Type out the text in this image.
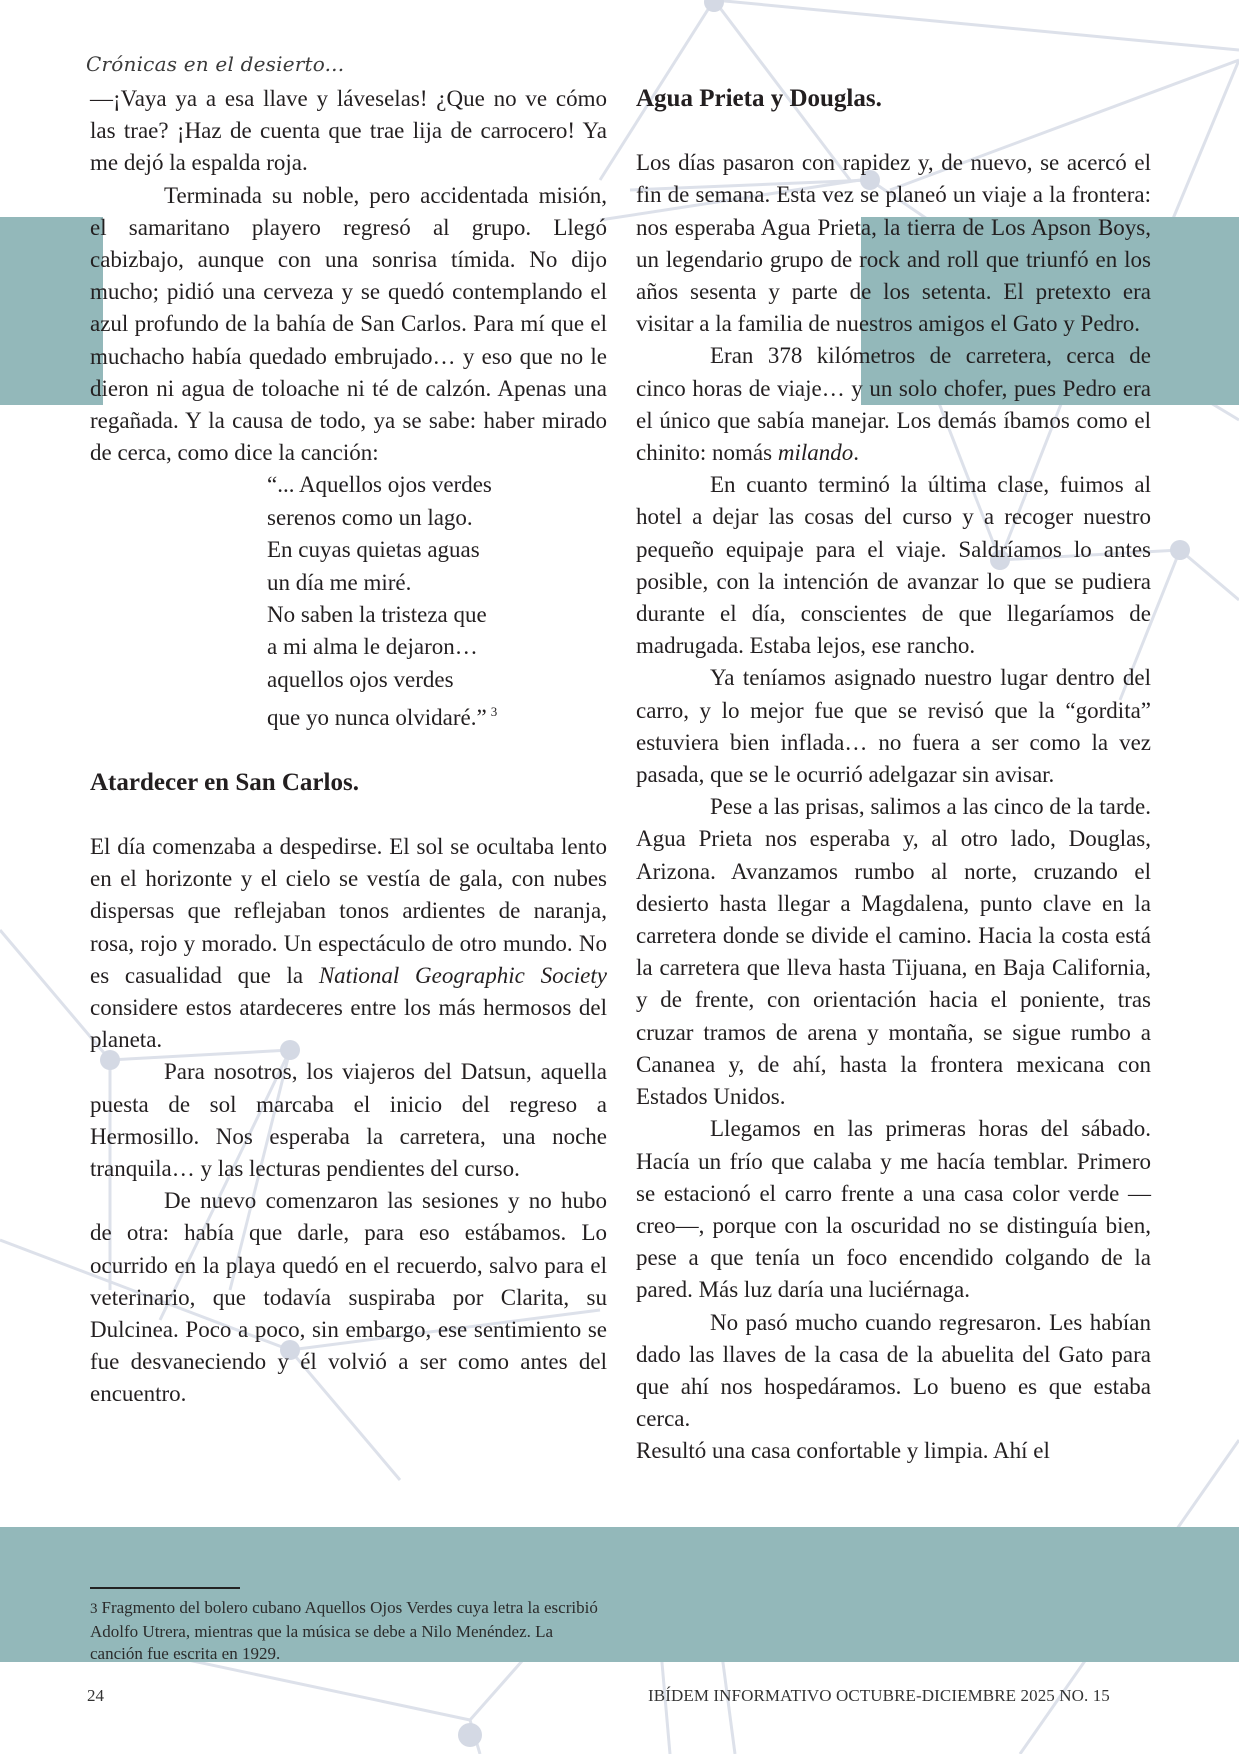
Crónicas en el desierto...

—¡Vaya ya a esa llave y láveselas! ¿Que no ve cómo las trae? ¡Haz de cuenta que trae lija de carrocero! Ya me dejó la espalda roja.

Terminada su noble, pero accidentada misión, el samaritano playero regresó al grupo. Llegó cabizbajo, aunque con una sonrisa tímida. No dijo mucho; pidió una cerveza y se quedó contemplando el azul profundo de la bahía de San Carlos. Para mí que el muchacho había quedado embrujado… y eso que no le dieron ni agua de toloache ni té de calzón. Apenas una regañada. Y la causa de todo, ya se sabe: haber mirado de cerca, como dice la canción:

“... Aquellos ojos verdes
serenos como un lago.
En cuyas quietas aguas
un día me miré.
No saben la tristeza que
a mi alma le dejaron…
aquellos ojos verdes
que yo nunca olvidaré.” $^3$

Atardecer en San Carlos.

El día comenzaba a despedirse. El sol se ocultaba lento en el horizonte y el cielo se vestía de gala, con nubes dispersas que reflejaban tonos ardientes de naranja, rosa, rojo y morado. Un espectáculo de otro mundo. No es casualidad que la National Geographic Society considere estos atardeceres entre los más hermosos del planeta.

Para nosotros, los viajeros del Datsun, aquella puesta de sol marcaba el inicio del regreso a Hermosillo. Nos esperaba la carretera, una noche tranquila… y las lecturas pendientes del curso.

De nuevo comenzaron las sesiones y no hubo de otra: había que darle, para eso estábamos. Lo ocurrido en la playa quedó en el recuerdo, salvo para el veterinario, que todavía suspiraba por Clarita, su Dulcinea. Poco a poco, sin embargo, ese sentimiento se fue desvaneciendo y él volvió a ser como antes del encuentro.

3 Fragmento del bolero cubano Aquellos Ojos Verdes cuya letra la escribió Adolfo Utrera, mientras que la música se debe a Nilo Menéndez. La canción fue escrita en 1929.

Agua Prieta y Douglas.

Los días pasaron con rapidez y, de nuevo, se acercó el fin de semana. Esta vez se planeó un viaje a la frontera: nos esperaba Agua Prieta, la tierra de Los Apson Boys, un legendario grupo de rock and roll que triunfó en los años sesenta y parte de los setenta. El pretexto era visitar a la familia de nuestros amigos el Gato y Pedro.

Eran 378 kilómetros de carretera, cerca de cinco horas de viaje… y un solo chofer, pues Pedro era el único que sabía manejar. Los demás íbamos como el chinito: nomás milando.

En cuanto terminó la última clase, fuimos al hotel a dejar las cosas del curso y a recoger nuestro pequeño equipaje para el viaje. Saldríamos lo antes posible, con la intención de avanzar lo que se pudiera durante el día, conscientes de que llegaríamos de madrugada. Estaba lejos, ese rancho.

Ya teníamos asignado nuestro lugar dentro del carro, y lo mejor fue que se revisó que la “gordita” estuviera bien inflada… no fuera a ser como la vez pasada, que se le ocurrió adelgazar sin avisar.

Pese a las prisas, salimos a las cinco de la tarde. Agua Prieta nos esperaba y, al otro lado, Douglas, Arizona. Avanzamos rumbo al norte, cruzando el desierto hasta llegar a Magdalena, punto clave en la carretera donde se divide el camino. Hacia la costa está la carretera que lleva hasta Tijuana, en Baja California, y de frente, con orientación hacia el poniente, tras cruzar tramos de arena y montaña, se sigue rumbo a Cananea y, de ahí, hasta la frontera mexicana con Estados Unidos.

Llegamos en las primeras horas del sábado. Hacía un frío que calaba y me hacía temblar. Primero se estacionó el carro frente a una casa color verde —creo—, porque con la oscuridad no se distinguía bien, pese a que tenía un foco encendido colgando de la pared. Más luz daría una luciérnaga.

No pasó mucho cuando regresaron. Les habían dado las llaves de la casa de la abuelita del Gato para que ahí nos hospedáramos. Lo bueno es que estaba cerca.

Resultó una casa confortable y limpia. Ahí el

24	IBÍDEM INFORMATIVO OCTUBRE-DICIEMBRE 2025 NO. 15
